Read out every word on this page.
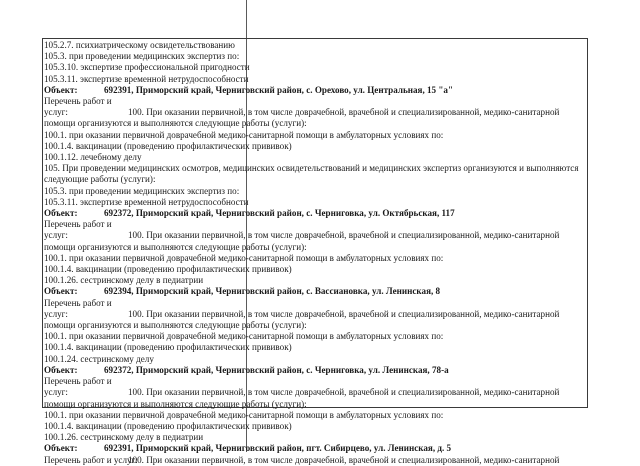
105.2.7. психиатрическому освидетельствованию
105.3. при проведении медицинских экспертиз по:
105.3.10. экспертизе профессиональной пригодности
105.3.11. экспертизе временной нетрудоспособности
Объект:	692391, Приморский край, Черниговский район, с. Орехово, ул. Центральная, 15 "а"
Перечень работ и услуг:	100. При оказании первичной, в том числе доврачебной, врачебной и специализированной, медико-санитарной помощи организуются и выполняются следующие работы (услуги):
100.1. при оказании первичной доврачебной медико-санитарной помощи в амбулаторных условиях по:
100.1.4. вакцинации (проведению профилактических прививок)
100.1.12. лечебному делу
105. При проведении медицинских осмотров, медицинских освидетельствований и медицинских экспертиз организуются и выполняются следующие работы (услуги):
105.3. при проведении медицинских экспертиз по:
105.3.11. экспертизе временной нетрудоспособности
Объект:	692372, Приморский край, Черниговский район, с. Черниговка, ул. Октябрьская, 117
Перечень работ и услуг:	100. При оказании первичной, в том числе доврачебной, врачебной и специализированной, медико-санитарной помощи организуются и выполняются следующие работы (услуги):
100.1. при оказании первичной доврачебной медико-санитарной помощи в амбулаторных условиях по:
100.1.4. вакцинации (проведению профилактических прививок)
100.1.26. сестринскому делу в педиатрии
Объект:	692394, Приморский край, Черниговский район, с. Вассиановка, ул. Ленинская, 8
Перечень работ и услуг:	100. При оказании первичной, в том числе доврачебной, врачебной и специализированной, медико-санитарной помощи организуются и выполняются следующие работы (услуги):
100.1. при оказании первичной доврачебной медико-санитарной помощи в амбулаторных условиях по:
100.1.4. вакцинации (проведению профилактических прививок)
100.1.24. сестринскому делу
Объект:	692372, Приморский край, Черниговский район, с. Черниговка, ул. Ленинская, 78-а
Перечень работ и услуг:	100. При оказании первичной, в том числе доврачебной, врачебной и специализированной, медико-санитарной помощи организуются и выполняются следующие работы (услуги):
100.1. при оказании первичной доврачебной медико-санитарной помощи в амбулаторных условиях по:
100.1.4. вакцинации (проведению профилактических прививок)
100.1.26. сестринскому делу в педиатрии
Объект:	692391, Приморский край, Черниговский район, пгт. Сибирцево, ул. Ленинская, д. 5
Перечень работ и услуг:100. При оказании первичной, в том числе доврачебной, врачебной и специализированной, медико-санитарной
